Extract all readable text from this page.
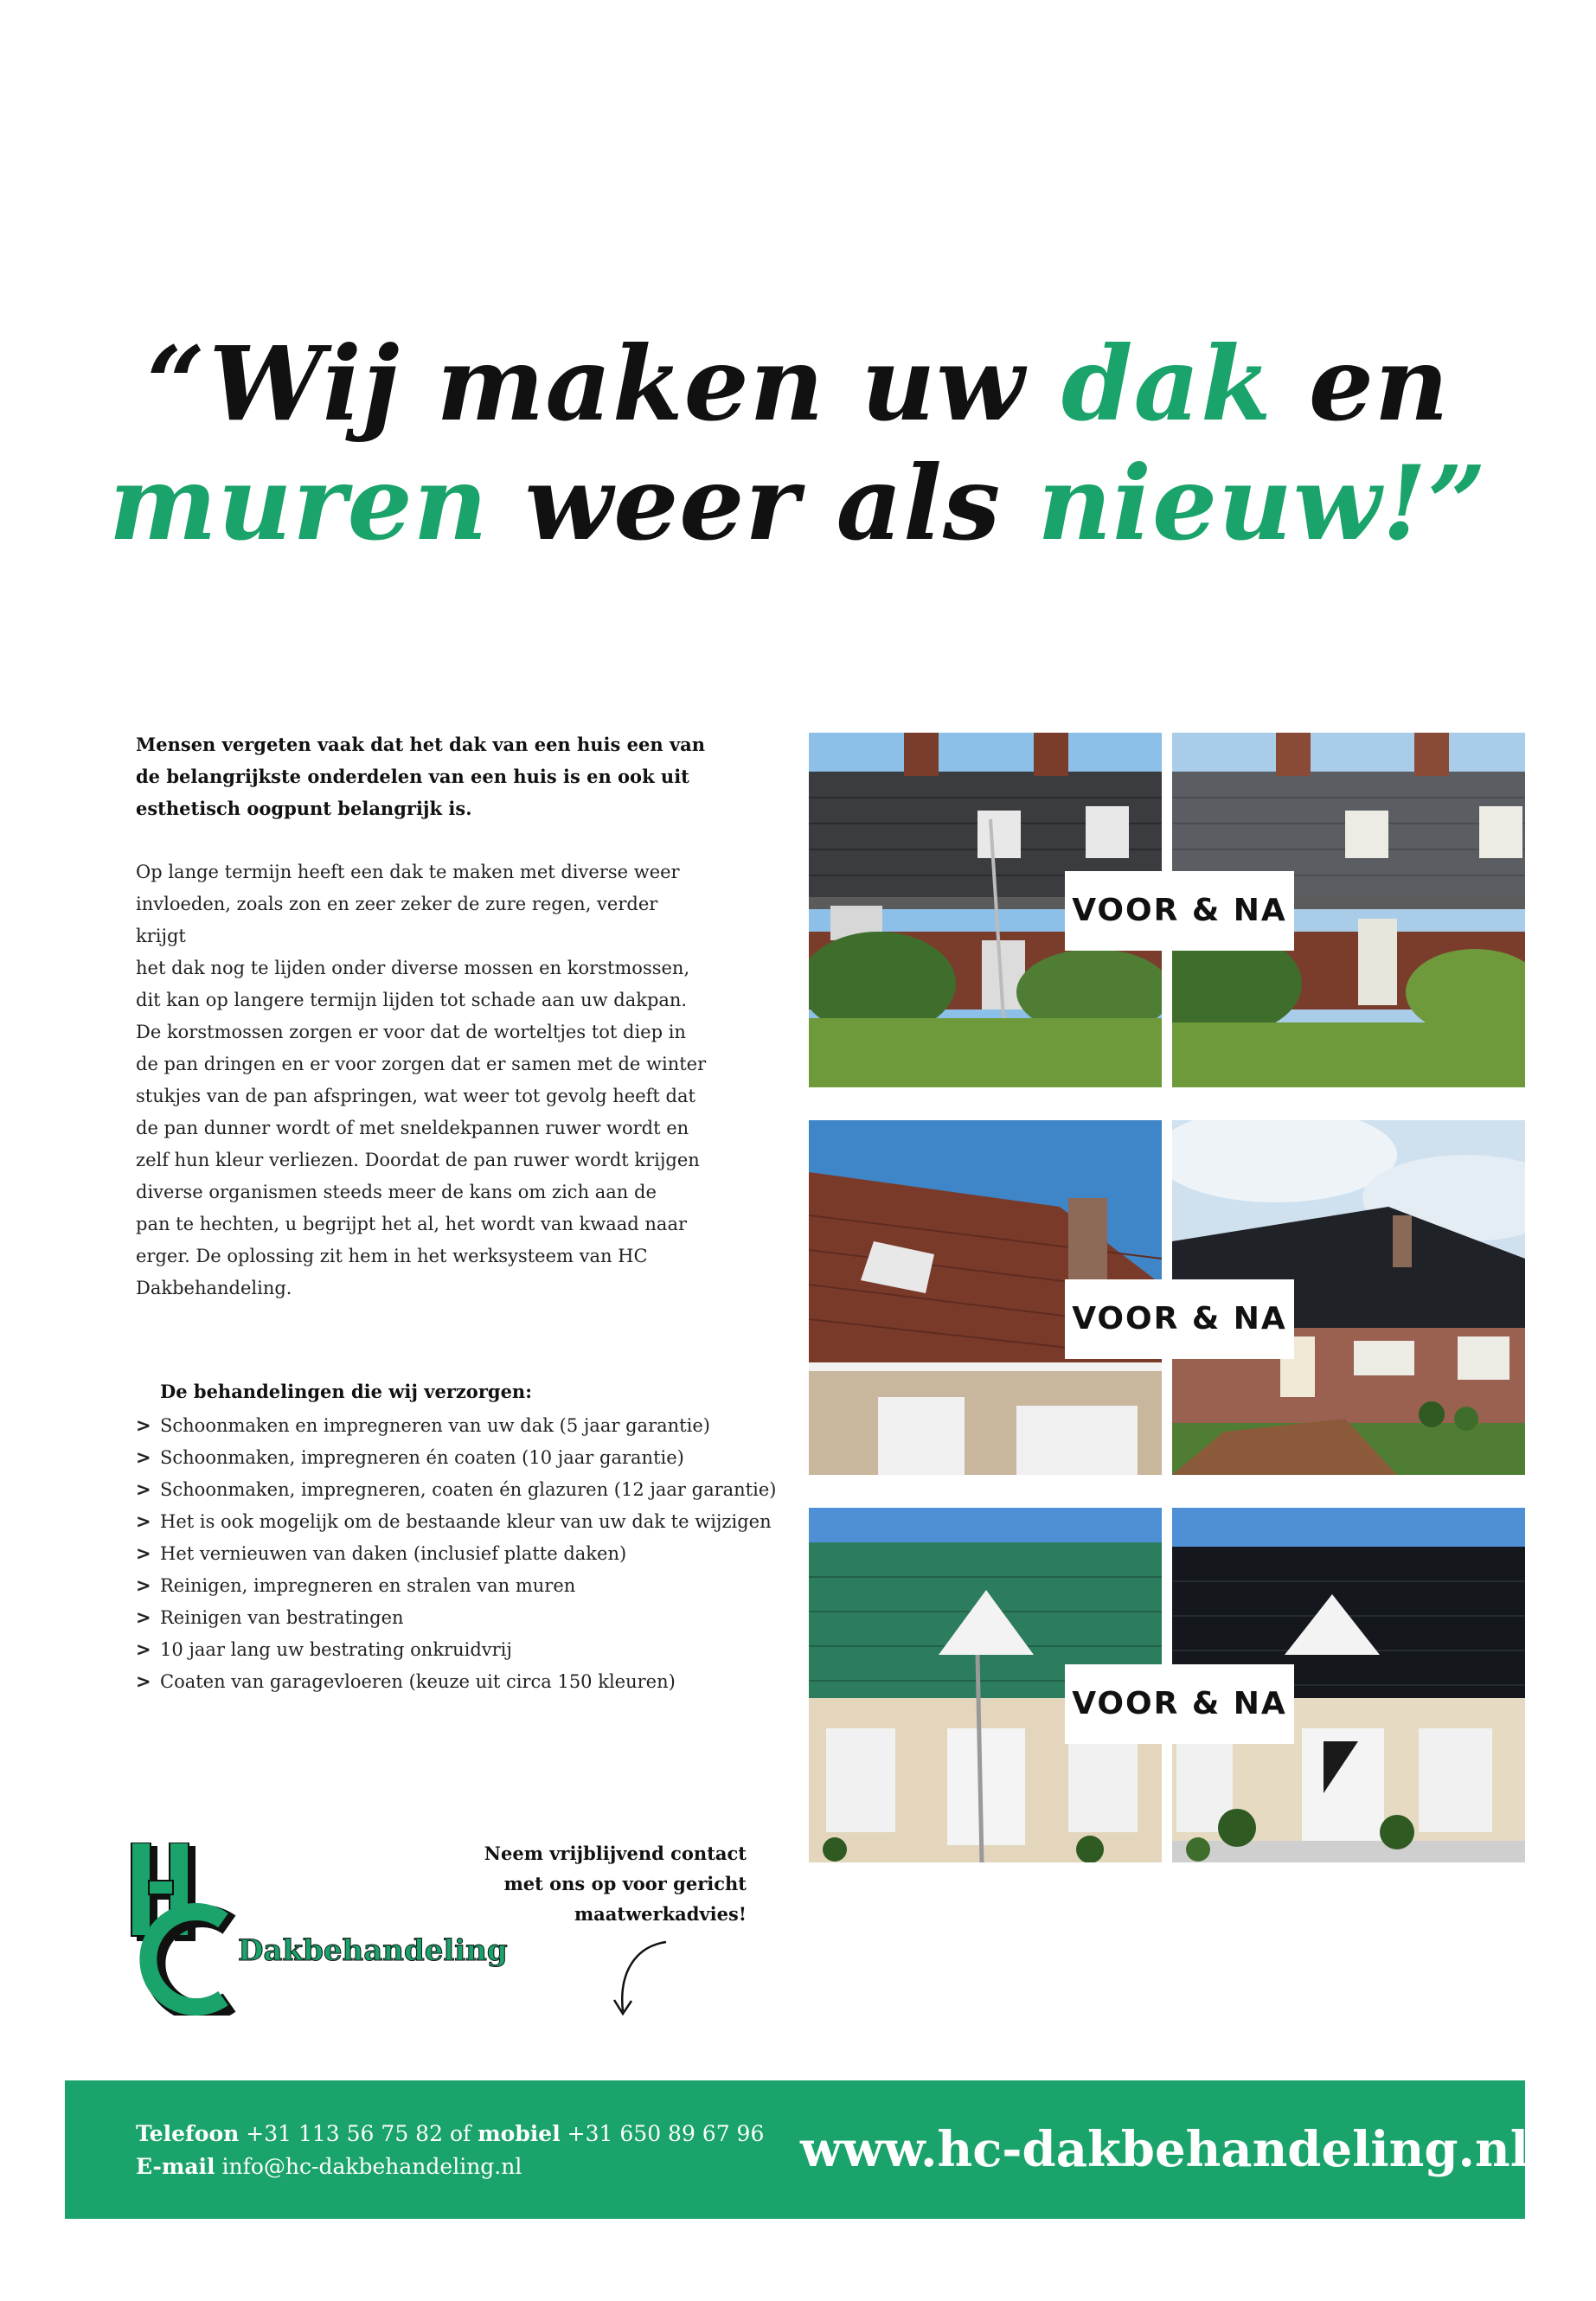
“Wij maken uw dak en
muren weer als nieuw!”
Mensen vergeten vaak dat het dak van een huis een van
de belangrijkste onderdelen van een huis is en ook uit
esthetisch oogpunt belangrijk is.
Op lange termijn heeft een dak te maken met diverse weer
invloeden, zoals zon en zeer zeker de zure regen, verder krijgt
het dak nog te lijden onder diverse mossen en korstmossen,
dit kan op langere termijn lijden tot schade aan uw dakpan.
De korstmossen zorgen er voor dat de worteltjes tot diep in
de pan dringen en er voor zorgen dat er samen met de winter
stukjes van de pan afspringen, wat weer tot gevolg heeft dat
de pan dunner wordt of met sneldekpannen ruwer wordt en
zelf hun kleur verliezen. Doordat de pan ruwer wordt krijgen
diverse organismen steeds meer de kans om zich aan de
pan te hechten, u begrijpt het al, het wordt van kwaad naar
erger. De oplossing zit hem in het werksysteem van HC
Dakbehandeling.
De behandelingen die wij verzorgen:
> Schoonmaken en impregneren van uw dak (5 jaar garantie)
> Schoonmaken, impregneren én coaten (10 jaar garantie)
> Schoonmaken, impregneren, coaten én glazuren (12 jaar garantie)
> Het is ook mogelijk om de bestaande kleur van uw dak te wijzigen
> Het vernieuwen van daken (inclusief platte daken)
> Reinigen, impregneren en stralen van muren
> Reinigen van bestratingen
> 10 jaar lang uw bestrating onkruidvrij
> Coaten van garagevloeren (keuze uit circa 150 kleuren)
VOOR & NA
VOOR & NA
VOOR & NA
Dakbehandeling
Neem vrijblijvend contact
met ons op voor gericht
maatwerkadvies!
Telefoon +31 113 56 75 82 of mobiel +31 650 89 67 96
E-mail info@hc-dakbehandeling.nl	www.hc-dakbehandeling.nl
